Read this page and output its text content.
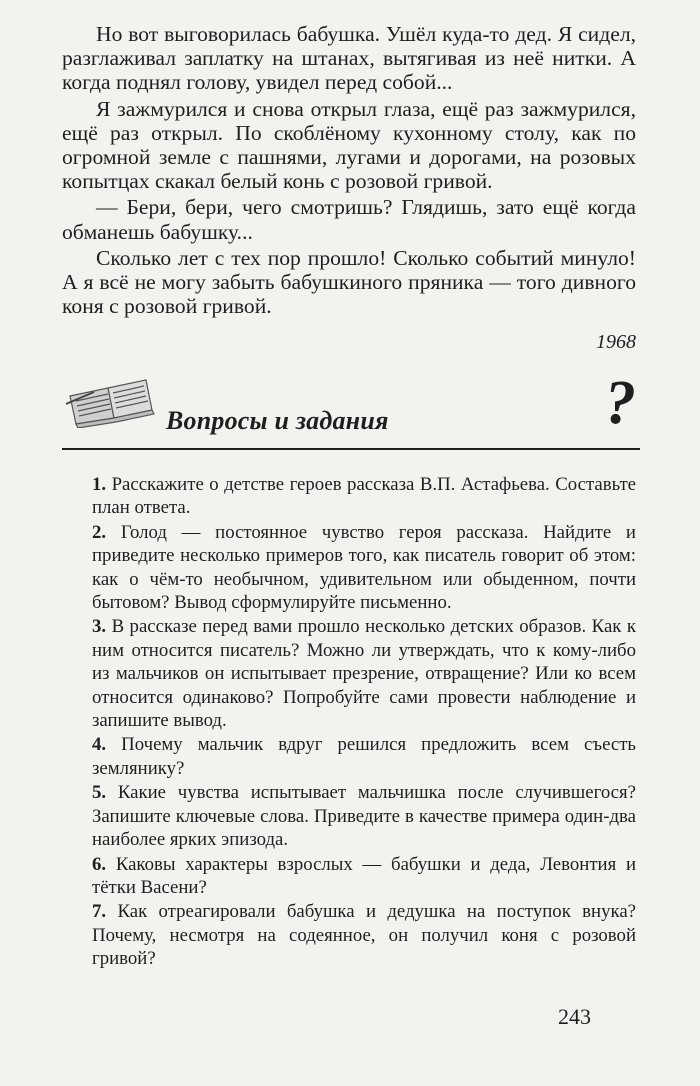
Но вот выговорилась бабушка. Ушёл куда-то дед. Я сидел, разглаживал заплатку на штанах, вытягивая из неё нитки. А когда поднял голову, увидел перед собой...

Я зажмурился и снова открыл глаза, ещё раз зажмурился, ещё раз открыл. По скоблёному кухонному столу, как по огромной земле с пашнями, лугами и дорогами, на розовых копытцах скакал белый конь с розовой гривой.

— Бери, бери, чего смотришь? Глядишь, зато ещё когда обманешь бабушку...

Сколько лет с тех пор прошло! Сколько событий минуло! А я всё не могу забыть бабушкиного пряника — того дивного коня с розовой гривой.

1968
Вопросы и задания	?
1. Расскажите о детстве героев рассказа В.П. Астафьева. Составьте план ответа.
2. Голод — постоянное чувство героя рассказа. Найдите и приведите несколько примеров того, как писатель говорит об этом: как о чём-то необычном, удивительном или обыденном, почти бытовом? Вывод сформулируйте письменно.
3. В рассказе перед вами прошло несколько детских образов. Как к ним относится писатель? Можно ли утверждать, что к кому-либо из мальчиков он испытывает презрение, отвращение? Или ко всем относится одинаково? Попробуйте сами провести наблюдение и запишите вывод.
4. Почему мальчик вдруг решился предложить всем съесть землянику?
5. Какие чувства испытывает мальчишка после случившегося? Запишите ключевые слова. Приведите в качестве примера один-два наиболее ярких эпизода.
6. Каковы характеры взрослых — бабушки и деда, Левонтия и тётки Васени?
7. Как отреагировали бабушка и дедушка на поступок внука? Почему, несмотря на содеянное, он получил коня с розовой гривой?
243
